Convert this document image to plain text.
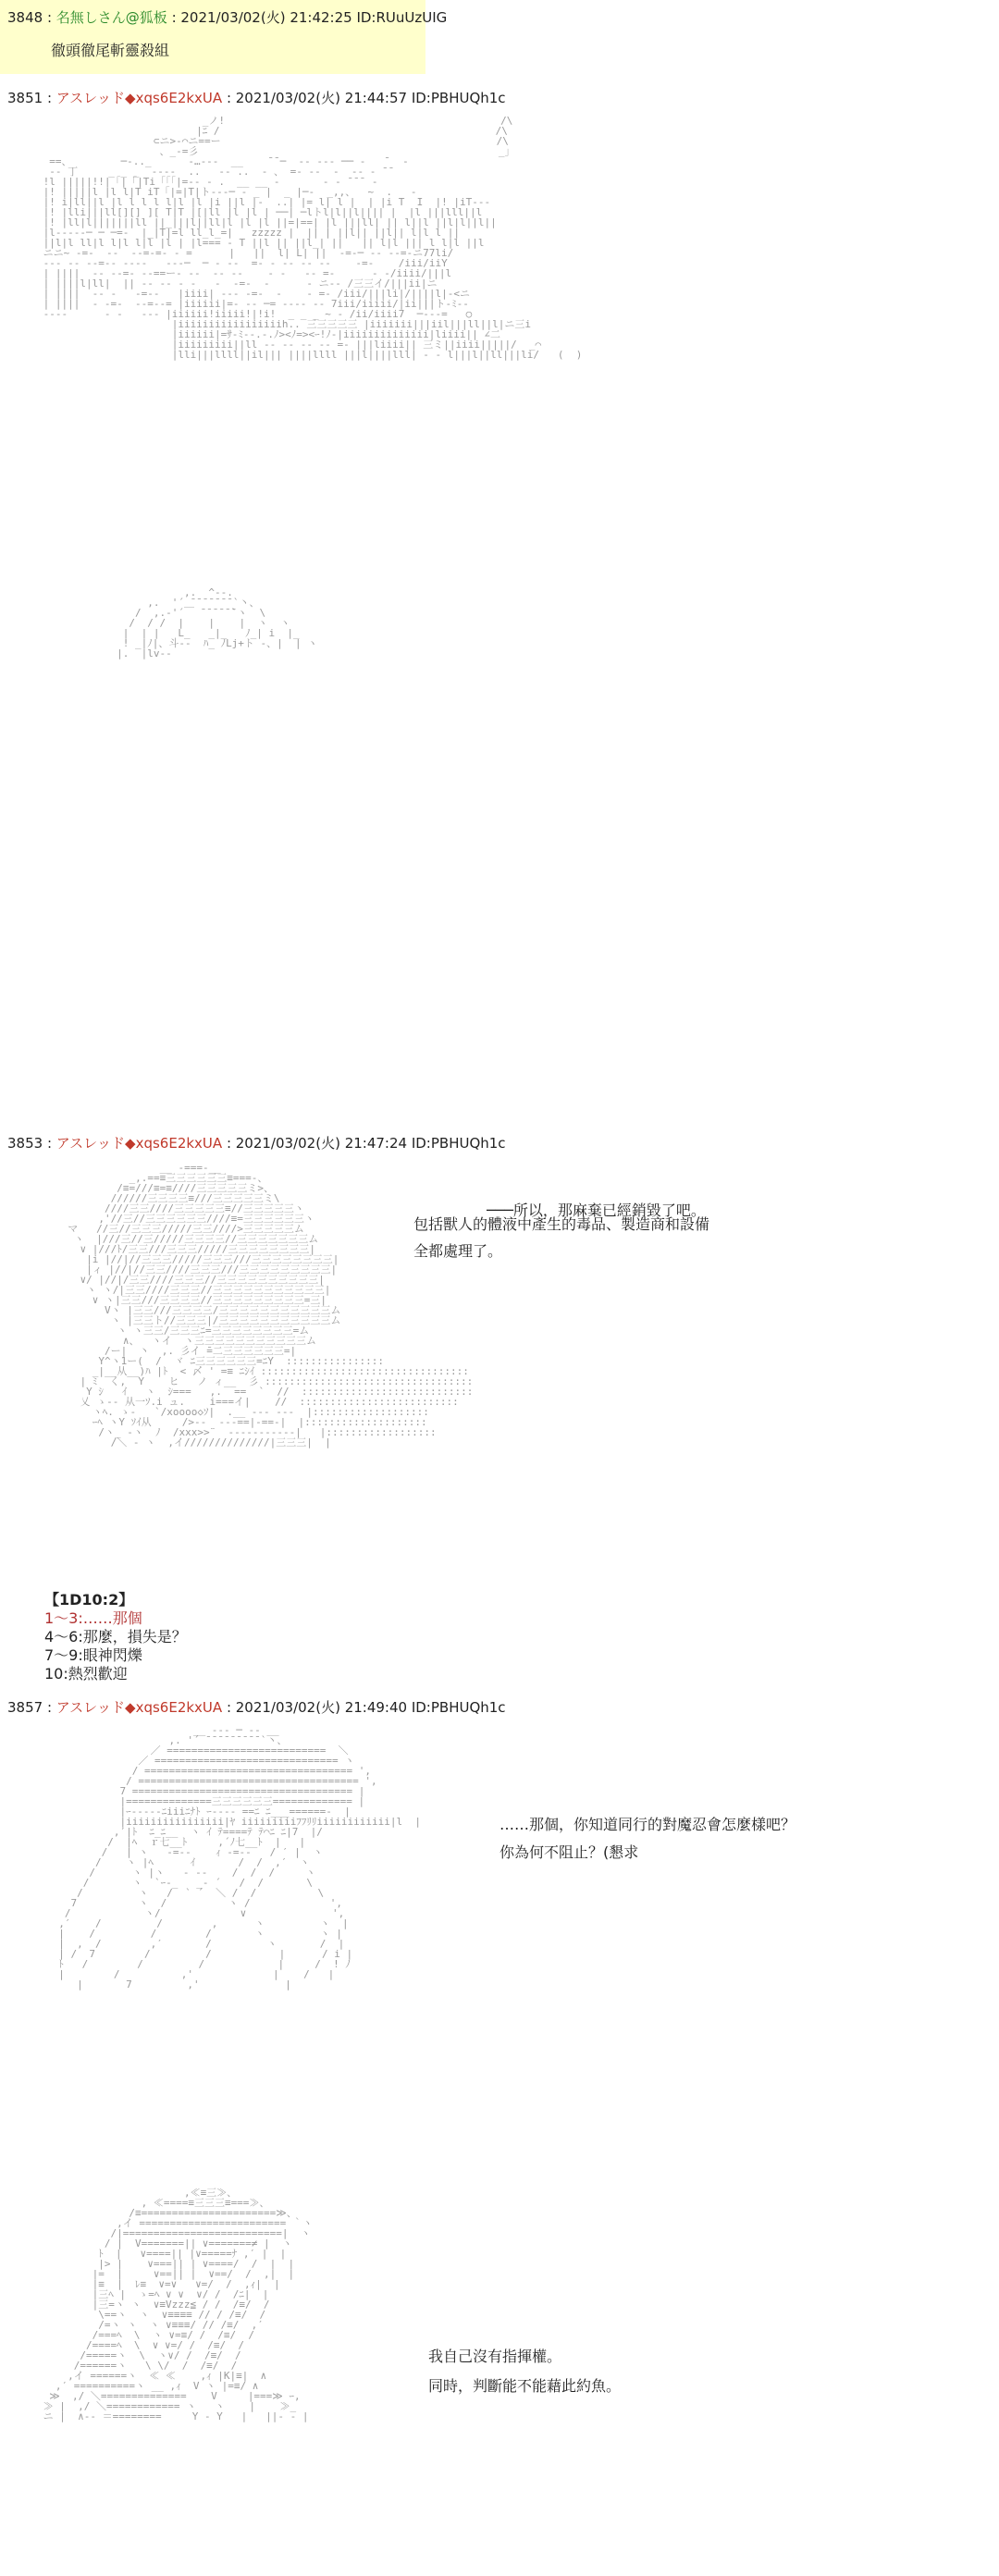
3848 : 名無しさん@狐板 : 2021/03/02(火) 21:42:25 ID:RUuUzUIG
徹頭徹尾斬靈殺組
3851 : アスレッド◆xqs6E2kxUA : 2021/03/02(火) 21:44:57 ID:PBHUQh1c
_ノ!                                             /\
|ﾆ /                                             /\
⊂ニ>-⌒ニ==ー                                             /\
、_-=彡                                                 _」
==、        ─-.._      ‐…‐‐-  __    ̄ ̄ ─  ‐‐ ‐‐‐ ── ‐   ̄   ‐
-‐ 丁     _ _ _  -‐‐‐  ..   -‐ ..  ‐ 、 =‐ -‐  ‐  ‐‐ ‐ ̄ ̄
!l |||||!!|「|「|Ti「「「|=‐‐ - .  __ __ ‐       ‐ ‐ ̄ ̄ ̄  ‐
|! |||||l |l l|T iT「|=|T|ト-‐‐─ ‐ _ |  _ |─‐  _,,、  ~  .   -
|! i|ll||l |l l l l l|l |l |i ||l |‐  ..| |= l| l |  | |i T  I  |! |iT‐‐-
|! |lli|||ll[][] ][ T|T |[|ll |l |l | ──| ─lトl|l||l|||| |  |l |||lll||l
|! |ll|l|||||||ll ||_|||l||ll|l |l |l ||=|==| |l |||ll| || l||l ||l|l||l||
|l-‐‐‐‐─ ─ ─=‐  |_|T|=l ll_l_=|   zzzzz |  || | ||l|| ||l|| l|l l ||
||l|l ll|l l|l l|l |l | |l=== ‐ T ||l || ||l_| ||   || l|l ||| l l|l ||l
ニニ~ ‐=‐  ‐‐  ‐‐=‐=‐ ‐ =      |   ||  l| L| ||  ‐=‐─ ‐‐ ‐‐=‐ニ77li/
‐‐‐ ‐‐ ‐‐=‐‐ ‐‐‐‐   ‐‐‐─  ─ ‐ ‐‐  =‐ ‐ ‐‐ ‐‐ ‐‐    ‐=‐    /iii/iiY
| ||||  ‐‐ ‐‐=‐ ‐‐==ー‐ ‐‐  ‐‐ ‐‐    ‐ ‐   ‐‐ =‐      ‐ ‐/iiii/|||l
| ||||l|ll|  || ‐‐ ‐‐ ‐ ‐   ‐  ‐=‐  ‐      ‐ ニ-‐ /三三イ/|||ii|ニ
| ||||  ‐‐ ‐   ‐=‐‐   |iiii| ‐‐‐ ‐=‐  ‐    ‐ =‐ /iii/|||li|/||||l|‐<ニ
| ||||  ‐ ‐=‐  ‐‐=‐‐= |iiiiii|=‐ ‐‐ ─= ‐‐‐‐ ‐‐ 7iii/iiiii/|ii|||ト-ﾐ‐‐
‐‐‐‐      ‐ ‐   ‐‐‐ |iiiiii!iiiii!|!i!  _ _ _ ~ ‐ /ii/iiii7  ─‐‐‐=   ○
|iiiiiiiiiiiiiiiiih.. 三三三三三 |iiiiiii|||iil|||ll||l|ニ三i
|iiiiii|=ｻ-ﾐ‐-.-.ﾉ><ﾉ=><ｰ!ﾉ‐|iiiiiiiiiiiiii|liiii|| ∠二
|iiiiiiiii||ll ‐‐ ‐‐ ‐‐ ‐‐ =‐ |||liiii|| 三ミ||iiii|||||/  _⌒
|lli|||llll||il||| ||||llll |||l||||lll| ‐ ‐ l|||l||ll|||li/   (  )
,.  ^‐-.
,.  '´ ̄ ̄ ̄ ̄ ̄ ̄ ̄ `丶、
/  ,.‐'´￣ ̄ ̄ ̄ ̄ ̄ ̄`ヽ  \
/  / /  |    |    |  ヽ  ヽ
|  | |   L_   _|_   ﾉ_| i  |_
! _|ﾉ|、斗‐-  ﾊ_ ﾉLj+ト ‐、|  | ヽ
|.  |lv‐-

───所以，那麻棄已經銷毀了吧。

3853 : アスレッド◆xqs6E2kxUA : 2021/03/02(火) 21:47:24 ID:PBHUQh1c
__ -===-__
_,.==≡三三三三三三≡===-、
/≡=///≡=≡////三三三三三ミ>、
//////三三三三≡///三三三三三ミ\
////三三////三三三三三≡//三三三三三ヽ
,'//三//三三三三三三////≡=三三三三三三ヽ
マ   //三//三三三/////三三////>三三三三三ム
ヽ  |///三//三/////三三三三//三三三三三三三ム
∨ |///ﾄ/三三///三三三/////三三三三三三三三|
|i |//|//三三三/////三三三///三三三三三三三三|
|ィ |//|//三三////三三三///三三三三三三三三三|
∨/ |//|/三三////三三三//三三三三三三三三三三|
ヽ ヽ/|三三////三三三//三三三三三三三三三三三|
∨ ヽ|三三///三三三三//三三三三三三三三三=三|
Vヽ |三三///三三三三/三三三三三三三三三三三ム
ヽ |三三ト//三三三|/三三三三三三三三三三三ム
ヽ ヽ三三/三三三ﾆ=三三三三三三三三=ム
∧、  ヽイ  ヽ三三三三三三三三三三三ム
/ー|  丶  ,. 彡イ ̄=二三三三三三三=|
Y^ヽ1ー(  /  ヾ ﾆ三三三三三三=ﾆY  ::::::::::::::::
_|__从__)ﾊ |ﾄ  < 〆 ' =≡ ﾆｼｲ ::::::::::::::::::::::::::::::::::
| ﾐ  く,  Y    ヒ   ノ ィ__  彡 ::::::::::::::::::::::::::::::::::
Y ｼ   ｲ   ヽ  ｼ===   ,.  ==  `  //  ::::::::::::::::::::::::::::
乂 ゝ‐- 从一ｿ.i ュ.    i===イ|    //  ::::::::::::::::::::::::::
ヽﾍ. ゝ‐   `/xoooo◇ｿ|  .__ ‐‐‐ ‐‐‐  |:::::::::::::::::::
ｰﾍ ヽY ｿｲ从     />‐‐  ‐‐‐==|-==‐|  |::::::::::::::::::::
/ヽ_ ‐ヽ  ﾉ  /xxx>>¨  ‐‐‐‐‐‐‐‐‐‐‐|   |::::::::::::::::::
/＼ ‐ ヽ  ,イ//////////////|三三三|  |
包括獸人的體液中產生的毒品、製造商和設備
全都處理了。
【1D10:2】
1〜3:……那個
4〜6:那麼，損失是？
7〜9:眼神閃爍
10:熱烈歡迎
3857 : アスレッド◆xqs6E2kxUA : 2021/03/02(火) 21:49:40 ID:PBHUQh1c
__ -‐‐ ─ ‐- __
,. '´ ̄ ̄ ̄ ̄ ̄ ̄ ̄ ̄ ̄ `丶、
／ ==========================  ＼
／ ============================== ヽ
/ ================================== ',
/ ==================================== ',
7 ==================================== |
|==============三三三三三三============= |
|ｰ‐‐‐‐‐ﾆiiiﾆﾅﾄ ｰ‐‐‐‐ ==ﾆ ﾆ___======-  |
|iiiiiiiiiiiiiiii|ﾔ iiiiiiiiiﾌﾌﾘﾘiiiiiiiiiiii|l  |
,′|ﾄ  ﾆ_ﾆ__  ヽ ｲ ﾃ====ﾃ ﾃ⌒ﾆ ﾆ|7  |/
/  |ﾍ  ｒ七__ﾄ     ,´ﾉ七__ﾄ  |   |
/   | ヽ   ‐=-‐    ｨ ‐=-‐   / ′ |  ヽ
/    ヽ |ﾍ      ｲ       /  /  ,′  ヽ
/      ヽ |ヽ   ‐ -‐    /  /  /     ヽ
/       ヽ  `ｰ‐_   _‐ ´   /  /       \
/         ヽ   /  ` ´  ＼ /  /          \
7          ヽ  /          ヽ /             ',
/            ヽ/             ∨              ',
,′    /         /        ,      ヽ         ヽ  |
|    /         /        /       ヽ         ヽ |
|  ,  /        ,′       /         ヽ       /  |
| /  7        /         /           |      / i |
ﾄ   /        /         /            |     /  ! ﾉ
|        /          ,'             |    /   |
|       7         ,'              |
……那個，你知道同行的對魔忍會怎麼樣吧？
你為何不阻止？(懇求
,≪≡三≫、
, ≪====≡三三三≡===≫、
/≡======================≫、
,イ ======================== ｀ヽ
/|==========================|  ヽ
/ |  V=======|| ∨=======≠ |  ヽ
ﾄ  |   ∨====|| |∨=====ﾅ ,′ |  |
|> |    ∨===|| | ∨====/  /  |  |
|=  |     ∨==|| |  ∨==/  /  ,|  |
|≡  |  ﾚ≡  ∨=∨   ∨=/  /  ,ｨ|  |
|三ﾍ |  ゝ=ﾍ ∨ ∨  ∨/ /  /ﾆ|  |
|三=ヽ ヽ  ∨≡Vzzz≦ / /  /≡/  /
\==ヽ  ヽ  ∨≡≡≡≡ // / /≡/  /
/=ヽ ヽ  ヽ ∨≡≡≡/ // /≡/  ,′
/===ﾍ  \  ヽ ∨=≡/ /  /≡/  /
/====ﾍ  \  ∨ ∨=/ /  /≡/  /
/=====ヽ  \  ヽ∨/ /  /≡/  /
/======ヽ   \ \/  /  /≡/  /
,イ ======ヽ  ≪ ≪    ,ｨ |K|≡|  ∧
,′ ==========ヽ __ ,ｨ  V ヽ |=≡/ ∧
≫  ,/ ＼==============    V     |===≫ ｰ,
≫ |  ,/ ＼============ ヽ   ヽ    |    ≫_
ニ |  ∧‐‐ ＝========     Y ‐ Y   |   ||‐ ‐ |
我自己沒有指揮權。
同時，判斷能不能藉此約魚。
